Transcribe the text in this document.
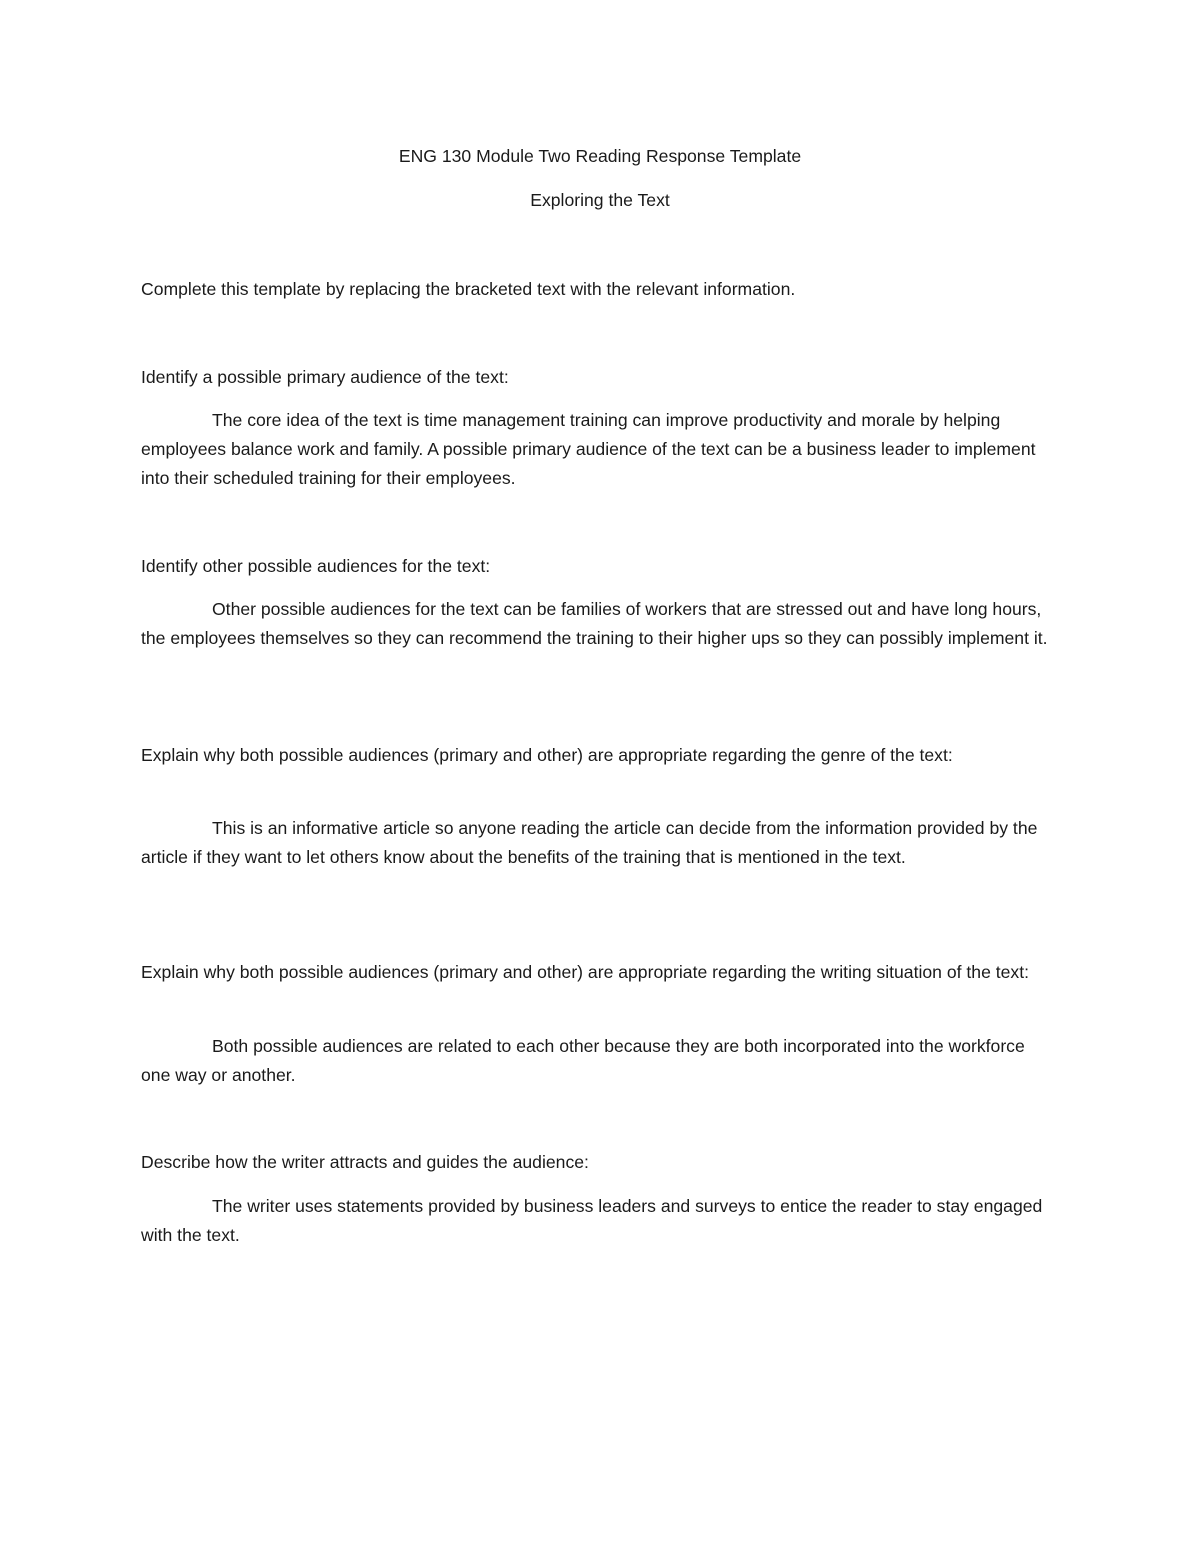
ENG 130 Module Two Reading Response Template
Exploring the Text

Complete this template by replacing the bracketed text with the relevant information.

Identify a possible primary audience of the text:

The core idea of the text is time management training can improve productivity and morale by helping employees balance work and family. A possible primary audience of the text can be a business leader to implement into their scheduled training for their employees.

Identify other possible audiences for the text:

Other possible audiences for the text can be families of workers that are stressed out and have long hours, the employees themselves so they can recommend the training to their higher ups so they can possibly implement it.

Explain why both possible audiences (primary and other) are appropriate regarding the genre of the text:

This is an informative article so anyone reading the article can decide from the information provided by the article if they want to let others know about the benefits of the training that is mentioned in the text.

Explain why both possible audiences (primary and other) are appropriate regarding the writing situation of the text:

Both possible audiences are related to each other because they are both incorporated into the workforce one way or another.

Describe how the writer attracts and guides the audience:

The writer uses statements provided by business leaders and surveys to entice the reader to stay engaged with the text.
